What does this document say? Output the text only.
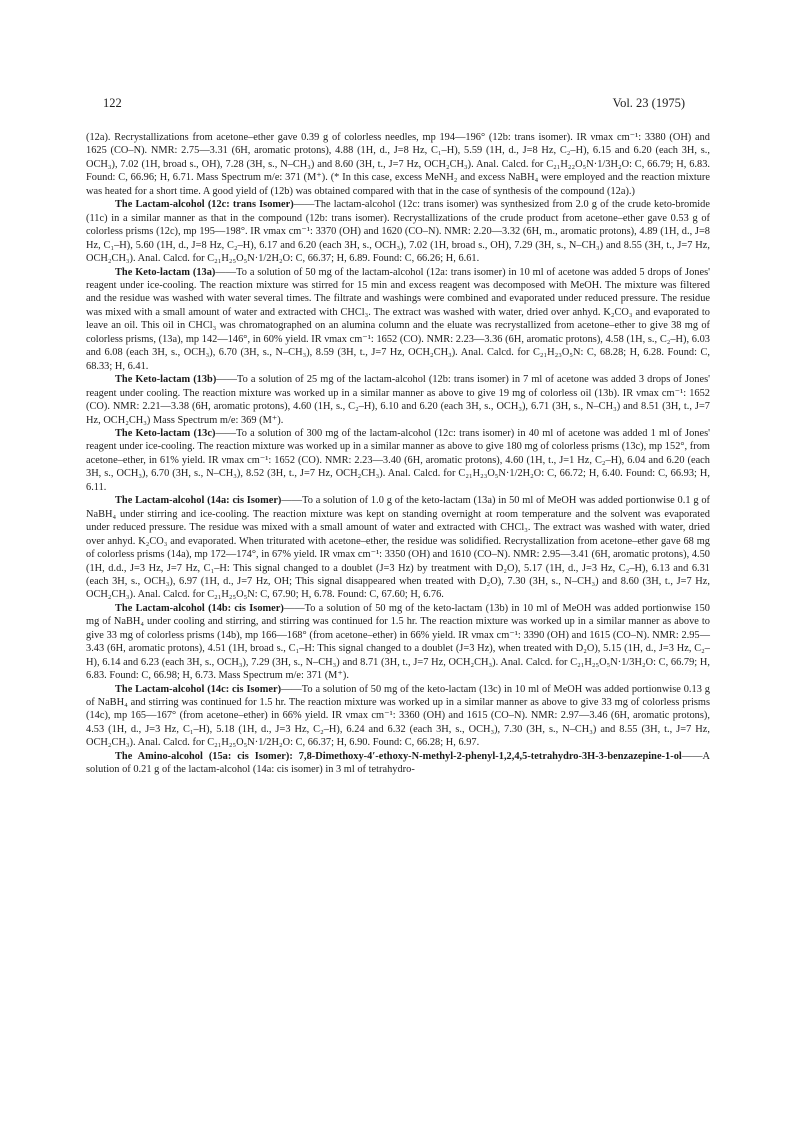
122	Vol. 23 (1975)

(12a). Recrystallizations from acetone–ether gave 0.39 g of colorless needles, mp 194—196° (12b: trans isomer). IR νmax cm⁻¹: 3380 (OH) and 1625 (CO–N). NMR: 2.75—3.31 (6H, aromatic protons), 4.88 (1H, d., J=8 Hz, C₁–H), 5.59 (1H, d., J=8 Hz, C₂–H), 6.15 and 6.20 (each 3H, s., OCH₃), 7.02 (1H, broad s., OH), 7.28 (3H, s., N–CH₃) and 8.60 (3H, t., J=7 Hz, OCH₂CH₃). Anal. Calcd. for C₂₁H₂₂O₅N·1/3H₂O: C, 66.79; H, 6.83. Found: C, 66.96; H, 6.71. Mass Spectrum m/e: 371 (M⁺). (* In this case, excess MeNH₂ and excess NaBH₄ were employed and the reaction mixture was heated for a short time. A good yield of (12b) was obtained compared with that in the case of synthesis of the compound (12a).)

The Lactam-alcohol (12c: trans Isomer)——The lactam-alcohol (12c: trans isomer) was synthesized from 2.0 g of the crude keto-bromide (11c) in a similar manner as that in the compound (12b: trans isomer). Recrystallizations of the crude product from acetone–ether gave 0.53 g of colorless prisms (12c), mp 195—198°. IR νmax cm⁻¹: 3370 (OH) and 1620 (CO–N). NMR: 2.20—3.32 (6H, m., aromatic protons), 4.89 (1H, d., J=8 Hz, C₁–H), 5.60 (1H, d., J=8 Hz, C₂–H), 6.17 and 6.20 (each 3H, s., OCH₃), 7.02 (1H, broad s., OH), 7.29 (3H, s., N–CH₃) and 8.55 (3H, t., J=7 Hz, OCH₂CH₃). Anal. Calcd. for C₂₁H₂₅O₅N·1/2H₂O: C, 66.37; H, 6.89. Found: C, 66.26; H, 6.61.

The Keto-lactam (13a)——To a solution of 50 mg of the lactam-alcohol (12a: trans isomer) in 10 ml of acetone was added 5 drops of Jones' reagent under ice-cooling. The reaction mixture was stirred for 15 min and excess reagent was decomposed with MeOH. The mixture was filtered and the residue was washed with water several times. The filtrate and washings were combined and evaporated under reduced pressure. The residue was mixed with a small amount of water and extracted with CHCl₃. The extract was washed with water, dried over anhyd. K₂CO₃ and evaporated to leave an oil. This oil in CHCl₃ was chromatographed on an alumina column and the eluate was recrystallized from acetone–ether to give 38 mg of colorless prisms, (13a), mp 142—146°, in 60% yield. IR νmax cm⁻¹: 1652 (CO). NMR: 2.23—3.36 (6H, aromatic protons), 4.58 (1H, s., C₂–H), 6.03 and 6.08 (each 3H, s., OCH₃), 6.70 (3H, s., N–CH₃), 8.59 (3H, t., J=7 Hz, OCH₂CH₃). Anal. Calcd. for C₂₁H₂₃O₅N: C, 68.28; H, 6.28. Found: C, 68.33; H, 6.41.

The Keto-lactam (13b)——To a solution of 25 mg of the lactam-alcohol (12b: trans isomer) in 7 ml of acetone was added 3 drops of Jones' reagent under cooling. The reaction mixture was worked up in a similar manner as above to give 19 mg of colorless oil (13b). IR νmax cm⁻¹: 1652 (CO). NMR: 2.21—3.38 (6H, aromatic protons), 4.60 (1H, s., C₂–H), 6.10 and 6.20 (each 3H, s., OCH₃), 6.71 (3H, s., N–CH₃) and 8.51 (3H, t., J=7 Hz, OCH₂CH₃) Mass Spectrum m/e: 369 (M⁺).

The Keto-lactam (13c)——To a solution of 300 mg of the lactam-alcohol (12c: trans isomer) in 40 ml of acetone was added 1 ml of Jones' reagent under ice-cooling. The reaction mixture was worked up in a similar manner as above to give 180 mg of colorless prisms (13c), mp 152°, from acetone–ether, in 61% yield. IR νmax cm⁻¹: 1652 (CO). NMR: 2.23—3.40 (6H, aromatic protons), 4.60 (1H, t., J=1 Hz, C₂–H), 6.04 and 6.20 (each 3H, s., OCH₃), 6.70 (3H, s., N–CH₃), 8.52 (3H, t., J=7 Hz, OCH₂CH₃). Anal. Calcd. for C₂₁H₂₃O₅N·1/2H₂O: C, 66.72; H, 6.40. Found: C, 66.93; H, 6.11.

The Lactam-alcohol (14a: cis Isomer)——To a solution of 1.0 g of the keto-lactam (13a) in 50 ml of MeOH was added portionwise 0.1 g of NaBH₄ under stirring and ice-cooling. The reaction mixture was kept on standing overnight at room temperature and the solvent was evaporated under reduced pressure. The residue was mixed with a small amount of water and extracted with CHCl₃. The extract was washed with water, dried over anhyd. K₂CO₃ and evaporated. When triturated with acetone–ether, the residue was solidified. Recrystallization from acetone–ether gave 68 mg of colorless prisms (14a), mp 172—174°, in 67% yield. IR νmax cm⁻¹: 3350 (OH) and 1610 (CO–N). NMR: 2.95—3.41 (6H, aromatic protons), 4.50 (1H, d.d., J=3 Hz, J=7 Hz, C₁–H: This signal changed to a doublet (J=3 Hz) by treatment with D₂O), 5.17 (1H, d., J=3 Hz, C₂–H), 6.13 and 6.31 (each 3H, s., OCH₃), 6.97 (1H, d., J=7 Hz, OH; This signal disappeared when treated with D₂O), 7.30 (3H, s., N–CH₃) and 8.60 (3H, t., J=7 Hz, OCH₂CH₃). Anal. Calcd. for C₂₁H₂₅O₅N: C, 67.90; H, 6.78. Found: C, 67.60; H, 6.76.

The Lactam-alcohol (14b: cis Isomer)——To a solution of 50 mg of the keto-lactam (13b) in 10 ml of MeOH was added portionwise 150 mg of NaBH₄ under cooling and stirring, and stirring was continued for 1.5 hr. The reaction mixture was worked up in a similar manner as above to give 33 mg of colorless prisms (14b), mp 166—168° (from acetone–ether) in 66% yield. IR νmax cm⁻¹: 3390 (OH) and 1615 (CO–N). NMR: 2.95—3.43 (6H, aromatic protons), 4.51 (1H, broad s., C₁–H: This signal changed to a doublet (J=3 Hz), when treated with D₂O), 5.15 (1H, d., J=3 Hz, C₂–H), 6.14 and 6.23 (each 3H, s., OCH₃), 7.29 (3H, s., N–CH₃) and 8.71 (3H, t., J=7 Hz, OCH₂CH₃). Anal. Calcd. for C₂₁H₂₅O₅N·1/3H₂O: C, 66.79; H, 6.83. Found: C, 66.98; H, 6.73. Mass Spectrum m/e: 371 (M⁺).

The Lactam-alcohol (14c: cis Isomer)——To a solution of 50 mg of the keto-lactam (13c) in 10 ml of MeOH was added portionwise 0.13 g of NaBH₄ and stirring was continued for 1.5 hr. The reaction mixture was worked up in a similar manner as above to give 33 mg of colorless prisms (14c), mp 165—167° (from acetone–ether) in 66% yield. IR νmax cm⁻¹: 3360 (OH) and 1615 (CO–N). NMR: 2.97—3.46 (6H, aromatic protons), 4.53 (1H, d., J=3 Hz, C₁–H), 5.18 (1H, d., J=3 Hz, C₂–H), 6.24 and 6.32 (each 3H, s., OCH₃), 7.30 (3H, s., N–CH₃) and 8.55 (3H, t., J=7 Hz, OCH₂CH₃). Anal. Calcd. for C₂₁H₂₅O₅N·1/2H₂O: C, 66.37; H, 6.90. Found: C, 66.28; H, 6.97.

The Amino-alcohol (15a: cis Isomer): 7,8-Dimethoxy-4′-ethoxy-N-methyl-2-phenyl-1,2,4,5-tetrahydro-3H-3-benzazepine-1-ol——A solution of 0.21 g of the lactam-alcohol (14a: cis isomer) in 3 ml of tetrahydro-
